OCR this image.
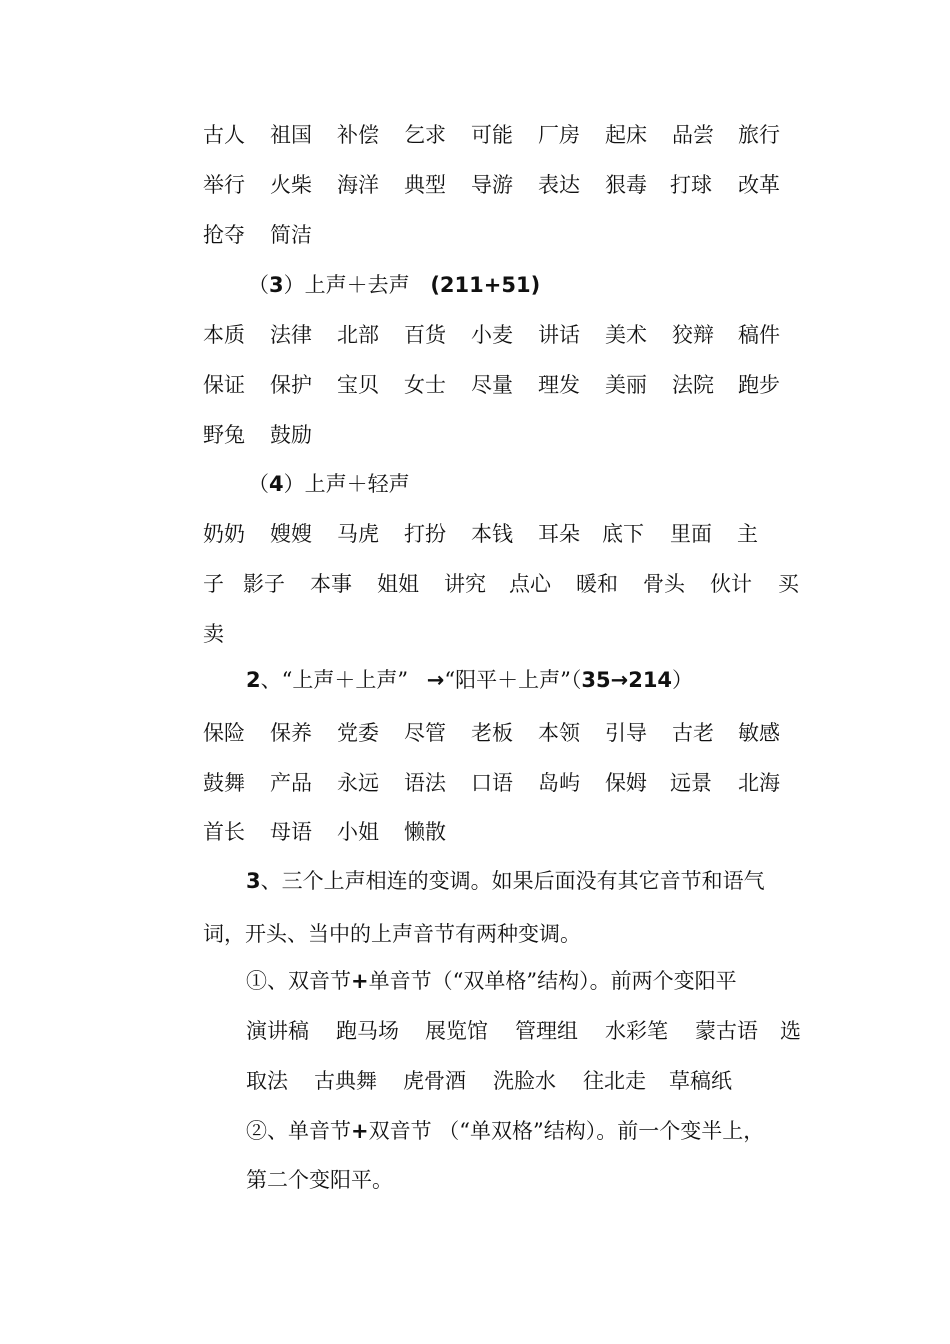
古人 祖国 补偿 乞求 可能 厂房 起床 品尝 旅行
举行 火柴 海洋 典型 导游 表达 狠毒 打球 改革
抢夺 简洁
（3）上声＋去声 (211+51)
本质 法律 北部 百货 小麦 讲话 美术 狡辩 稿件
保证 保护 宝贝 女士 尽量 理发 美丽 法院 跑步
野兔 鼓励
（4）上声＋轻声
奶奶 嫂嫂 马虎 打扮 本钱 耳朵 底下 里面 主
子 影子 本事 姐姐 讲究 点心 暖和 骨头 伙计 买
卖
2、“上声＋上声” →“阳平＋上声”（35→214）
保险 保养 党委 尽管 老板 本领 引导 古老 敏感
鼓舞 产品 永远 语法 口语 岛屿 保姆 远景 北海
首长 母语 小姐 懒散
3、三个上声相连的变调。如果后面没有其它音节和语气
词，开头、当中的上声音节有两种变调。
①、双音节+单音节（“双单格”结构）。前两个变阳平
演讲稿 跑马场 展览馆 管理组 水彩笔 蒙古语 选
取法 古典舞 虎骨酒 洗脸水 往北走 草稿纸
②、单音节+双音节 （“单双格”结构）。前一个变半上，
第二个变阳平。
